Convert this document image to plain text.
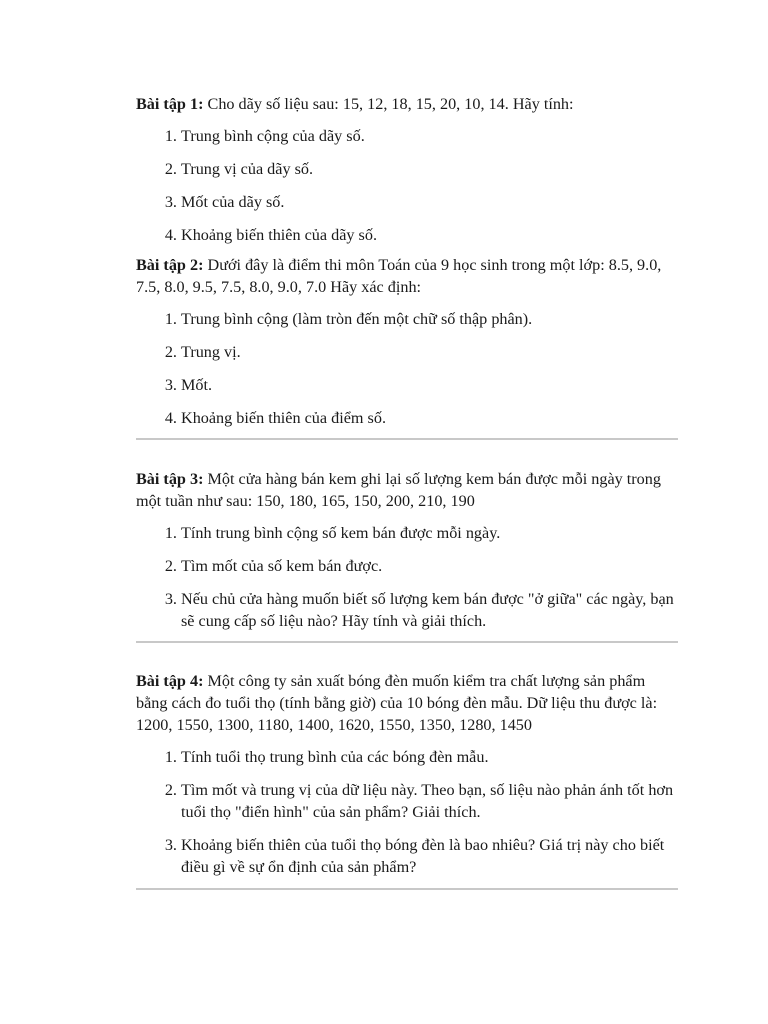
Bài tập 1: Cho dãy số liệu sau: 15, 12, 18, 15, 20, 10, 14. Hãy tính:

1. Trung bình cộng của dãy số.
2. Trung vị của dãy số.
3. Mốt của dãy số.
4. Khoảng biến thiên của dãy số.

Bài tập 2: Dưới đây là điểm thi môn Toán của 9 học sinh trong một lớp: 8.5, 9.0, 7.5, 8.0, 9.5, 7.5, 8.0, 9.0, 7.0 Hãy xác định:

1. Trung bình cộng (làm tròn đến một chữ số thập phân).
2. Trung vị.
3. Mốt.
4. Khoảng biến thiên của điểm số.

Bài tập 3: Một cửa hàng bán kem ghi lại số lượng kem bán được mỗi ngày trong một tuần như sau: 150, 180, 165, 150, 200, 210, 190

1. Tính trung bình cộng số kem bán được mỗi ngày.
2. Tìm mốt của số kem bán được.
3. Nếu chủ cửa hàng muốn biết số lượng kem bán được "ở giữa" các ngày, bạn sẽ cung cấp số liệu nào? Hãy tính và giải thích.

Bài tập 4: Một công ty sản xuất bóng đèn muốn kiểm tra chất lượng sản phẩm bằng cách đo tuổi thọ (tính bằng giờ) của 10 bóng đèn mẫu. Dữ liệu thu được là: 1200, 1550, 1300, 1180, 1400, 1620, 1550, 1350, 1280, 1450

1. Tính tuổi thọ trung bình của các bóng đèn mẫu.
2. Tìm mốt và trung vị của dữ liệu này. Theo bạn, số liệu nào phản ánh tốt hơn tuổi thọ "điển hình" của sản phẩm? Giải thích.
3. Khoảng biến thiên của tuổi thọ bóng đèn là bao nhiêu? Giá trị này cho biết điều gì về sự ổn định của sản phẩm?
